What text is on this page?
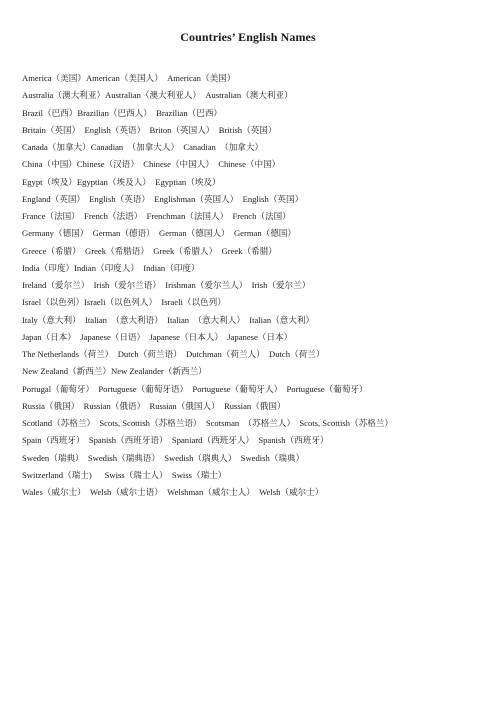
Countries’ English Names
America（美国）American（美国人）  American（美国）
Australia（澳大利亚）Australian（澳大利亚人）  Australian（澳大利亚）
Brazil（巴西）Brazilian（巴西人）  Brazilian（巴西）
Britain（英国）  English（英语）  Briton（英国人）  British（英国）
Canada（加拿大）Canadian  （加拿大人）  Canadian  （加拿大）
China（中国）Chinese（汉语）  Chinese（中国人）  Chinese（中国）
Egypt（埃及）Egyptian（埃及人）  Egyptian（埃及）
England（英国）  English（英语）  Englishman（英国人）  English（英国）
France（法国）  French（法语）  Frenchman（法国人）  French（法国）
Germany（德国）  German（德语）  German（德国人）  German（德国）
Greece（希腊）  Greek（希腊语）  Greek（希腊人）  Greek（希腊）
India（印度）Indian（印度人）  Indian（印度）
Ireland（爱尔兰）  Irish（爱尔兰语）  Irishman（爱尔兰人）  Irish（爱尔兰）
Israel（以色列）Israeli（以色列人）  Israeli（以色列）
Italy（意大利）  Italian  （意大利语）  Italian  （意大利人）  Italian（意大利）
Japan（日本）  Japanese（日语）  Japanese（日本人）  Japanese（日本）
The Netherlands（荷兰）  Dutch（荷兰语）  Dutchman（荷兰人）  Dutch（荷兰）
New Zealand（新西兰）New Zealander（新西兰）
Portugal（葡萄牙）  Portuguese（葡萄牙语）  Portuguese（葡萄牙人）  Portuguese（葡萄牙）
Russia（俄国）  Russian（俄语）  Russian（俄国人）  Russian（俄国）
Scotland（苏格兰）  Scots, Scottish（苏格兰语）  Scotsman  （苏格兰人）  Scots, Scottish（苏格兰）
Spain（西班牙）  Spanish（西班牙语）  Spaniard（西班牙人）  Spanish（西班牙）
Sweden（瑞典）  Swedish（瑞典语）  Swedish（瑞典人）  Swedish（瑞典）
Switzerland（瑞士)      Swiss（瑞士人）  Swiss（瑞士）
Wales（威尔士）  Welsh（威尔士语）  Welshman（威尔士人）  Welsh（威尔士）
